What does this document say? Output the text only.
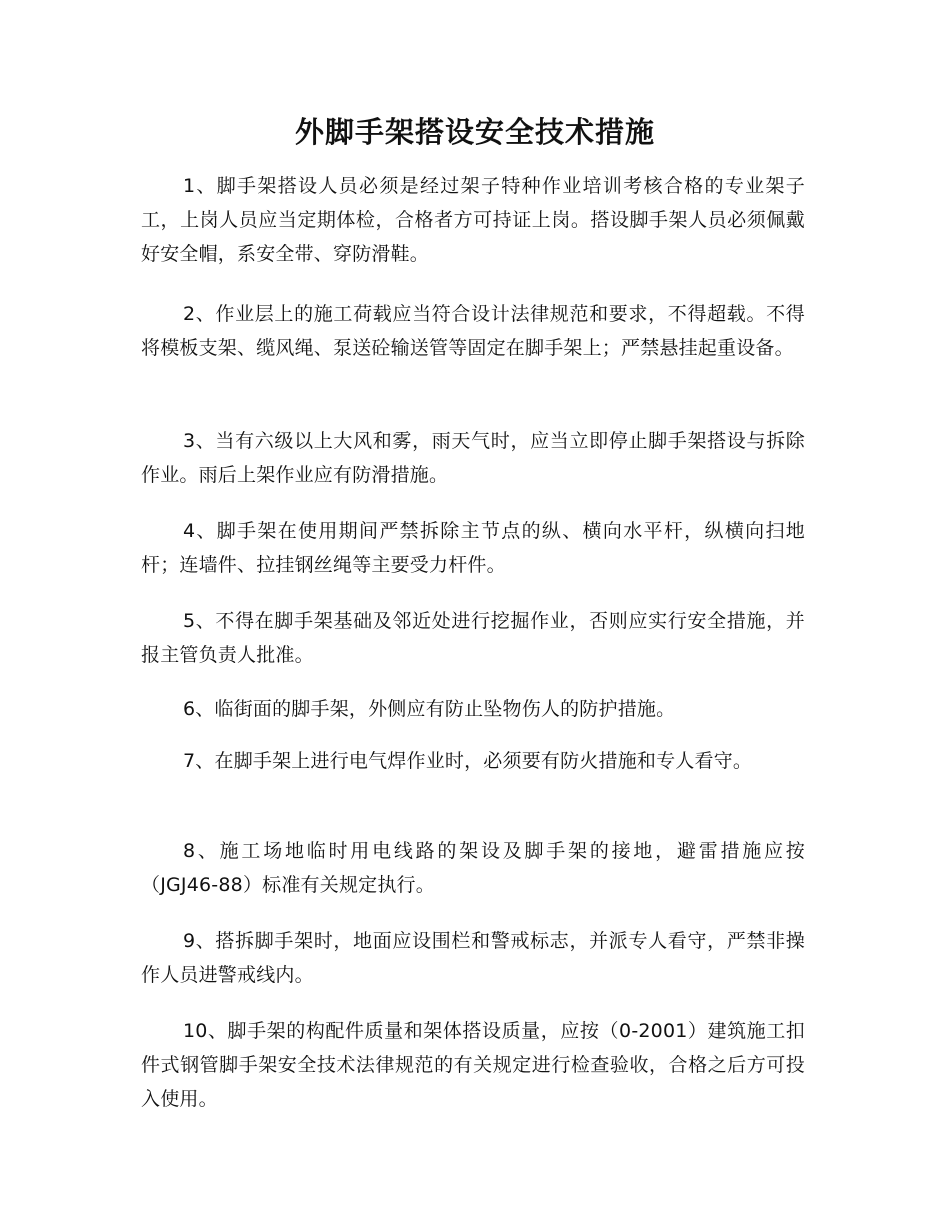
外脚手架搭设安全技术措施

1、脚手架搭设人员必须是经过架子特种作业培训考核合格的专业架子工，上岗人员应当定期体检，合格者方可持证上岗。搭设脚手架人员必须佩戴好安全帽，系安全带、穿防滑鞋。

2、作业层上的施工荷载应当符合设计法律规范和要求，不得超载。不得将模板支架、缆风绳、泵送砼输送管等固定在脚手架上；严禁悬挂起重设备。

3、当有六级以上大风和雾，雨天气时，应当立即停止脚手架搭设与拆除作业。雨后上架作业应有防滑措施。

4、脚手架在使用期间严禁拆除主节点的纵、横向水平杆，纵横向扫地杆；连墙件、拉挂钢丝绳等主要受力杆件。

5、不得在脚手架基础及邻近处进行挖掘作业，否则应实行安全措施，并报主管负责人批准。

6、临街面的脚手架，外侧应有防止坠物伤人的防护措施。

7、在脚手架上进行电气焊作业时，必须要有防火措施和专人看守。

8、施工场地临时用电线路的架设及脚手架的接地，避雷措施应按（JGJ46-88）标准有关规定执行。

9、搭拆脚手架时，地面应设围栏和警戒标志，并派专人看守，严禁非操作人员进警戒线内。

10、脚手架的构配件质量和架体搭设质量，应按（0-2001）建筑施工扣件式钢管脚手架安全技术法律规范的有关规定进行检查验收，合格之后方可投入使用。
